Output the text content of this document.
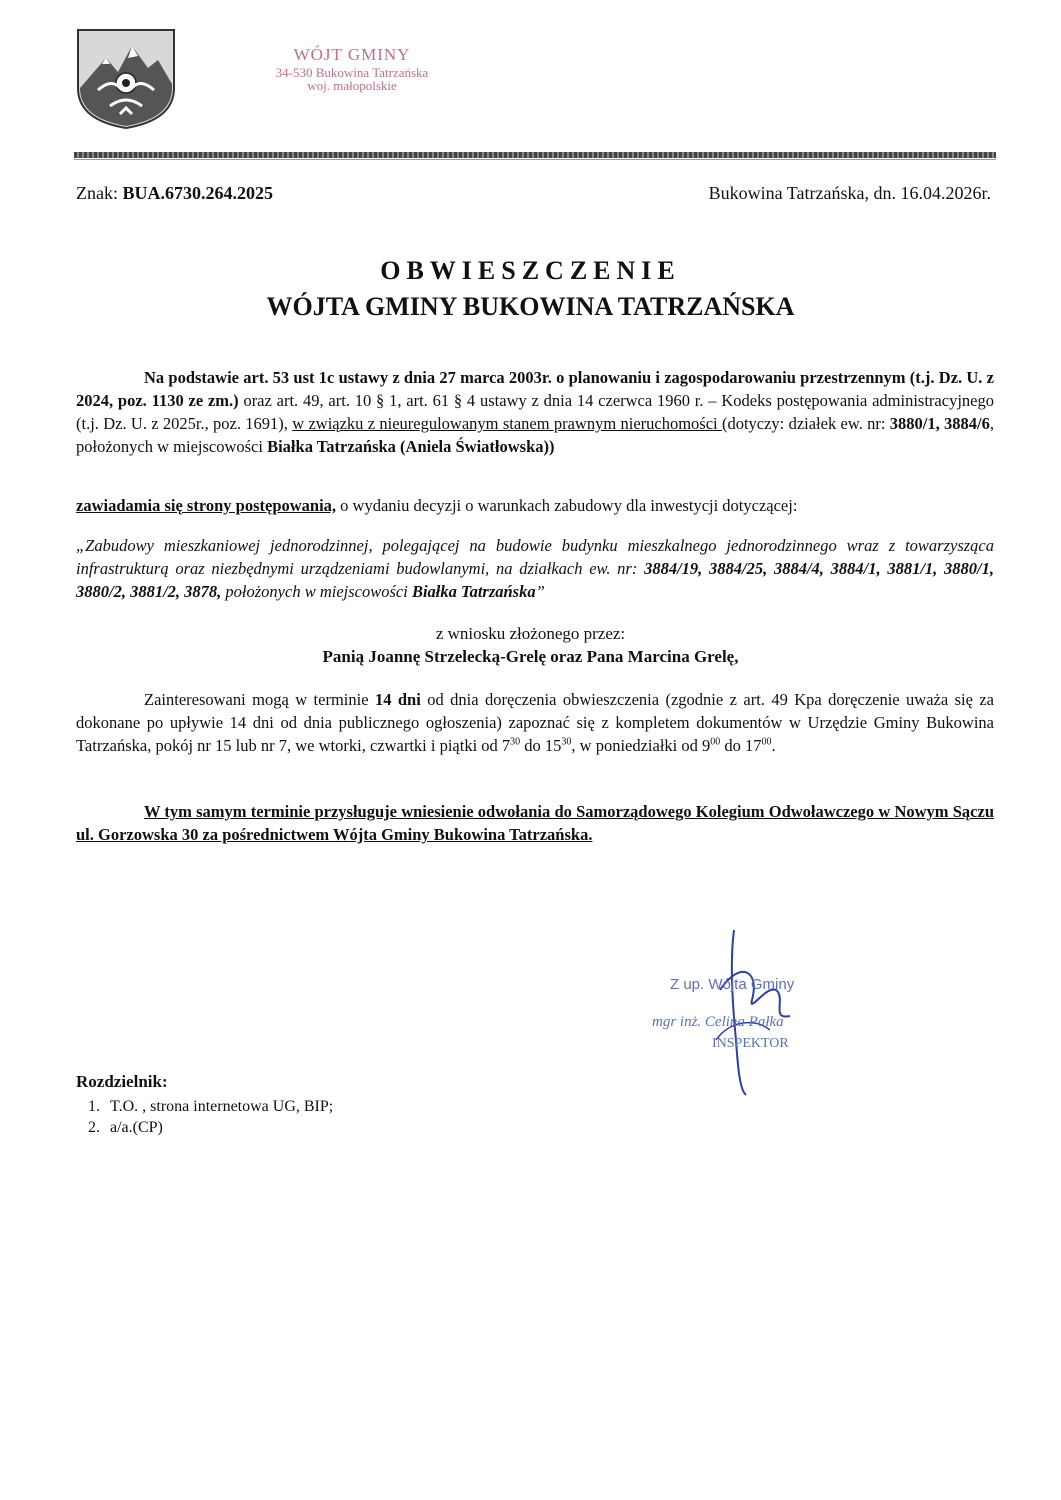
WÓJT GMINY
34-530 Bukowina Tatrzańska
woj. małopolskie
Znak: BUA.6730.264.2025	Bukowina Tatrzańska, dn. 16.04.2026r.
OBWIESZCZENIE
WÓJTA GMINY BUKOWINA TATRZAŃSKA
Na podstawie art. 53 ust 1c ustawy z dnia 27 marca 2003r. o planowaniu i zagospodarowaniu przestrzennym (t.j. Dz. U. z 2024, poz. 1130 ze zm.) oraz art. 49, art. 10 § 1, art. 61 § 4 ustawy z dnia 14 czerwca 1960 r. – Kodeks postępowania administracyjnego (t.j. Dz. U. z 2025r., poz. 1691), w związku z nieuregulowanym stanem prawnym nieruchomości (dotyczy: działek ew. nr: 3880/1, 3884/6, położonych w miejscowości Białka Tatrzańska (Aniela Światłowska))
zawiadamia się strony postępowania, o wydaniu decyzji o warunkach zabudowy dla inwestycji dotyczącej:
„Zabudowy mieszkaniowej jednorodzinnej, polegającej na budowie budynku mieszkalnego jednorodzinnego wraz z towarzysząca infrastrukturą oraz niezbędnymi urządzeniami budowlanymi, na działkach ew. nr: 3884/19, 3884/25, 3884/4, 3884/1, 3881/1, 3880/1, 3880/2, 3881/2, 3878, położonych w miejscowości Białka Tatrzańska”
z wniosku złożonego przez:
Panią Joannę Strzelecką-Grelę oraz Pana Marcina Grelę,
Zainteresowani mogą w terminie 14 dni od dnia doręczenia obwieszczenia (zgodnie z art. 49 Kpa doręczenie uważa się za dokonane po upływie 14 dni od dnia publicznego ogłoszenia) zapoznać się z kompletem dokumentów w Urzędzie Gminy Bukowina Tatrzańska, pokój nr 15 lub nr 7, we wtorki, czwartki i piątki od $7^{30}$ do $15^{30}$, w poniedziałki od $9^{00}$ do $17^{00}$.
W tym samym terminie przysługuje wniesienie odwołania do Samorządowego Kolegium Odwoławczego w Nowym Sączu ul. Gorzowska 30 za pośrednictwem Wójta Gminy Bukowina Tatrzańska.
Z up. Wójta Gminy
mgr inż. Celina Pałka
INSPEKTOR
Rozdzielnik:
1. T.O. , strona internetowa UG, BIP;
2. a/a.(CP)
